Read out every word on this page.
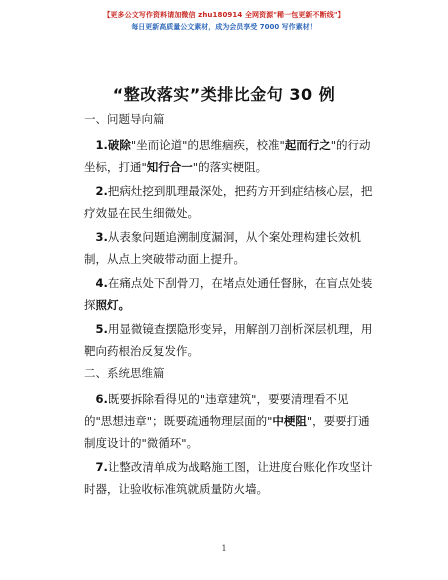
【更多公文写作资料请加微信 zhu180914 全网资源"稀一包更新不断线"】
每日更新高质量公文素材，成为会员享受 7000 写作素材！
“整改落实”类排比金句 30 例
一、问题导向篇
1.破除"坐而论道"的思维痼疾，校准"起而行之"的行动坐标，打通"知行合一"的落实梗阻。
2.把病灶挖到肌理最深处，把药方开到症结核心层，把疗效显在民生细微处。
3.从表象问题追溯制度漏洞，从个案处理构建长效机制，从点上突破带动面上提升。
4.在痛点处下刮骨刀，在堵点处通任督脉，在盲点处装探照灯。
5.用显微镜查摆隐形变异，用解剖刀剖析深层机理，用靶向药根治反复发作。
二、系统思维篇
6.既要拆除看得见的"违章建筑"，要要清理看不见的"思想违章"；既要疏通物理层面的"中梗阻"，要要打通制度设计的"微循环"。
7.让整改清单成为战略施工图，让进度台账化作攻坚计时器，让验收标准筑就质量防火墙。
1
